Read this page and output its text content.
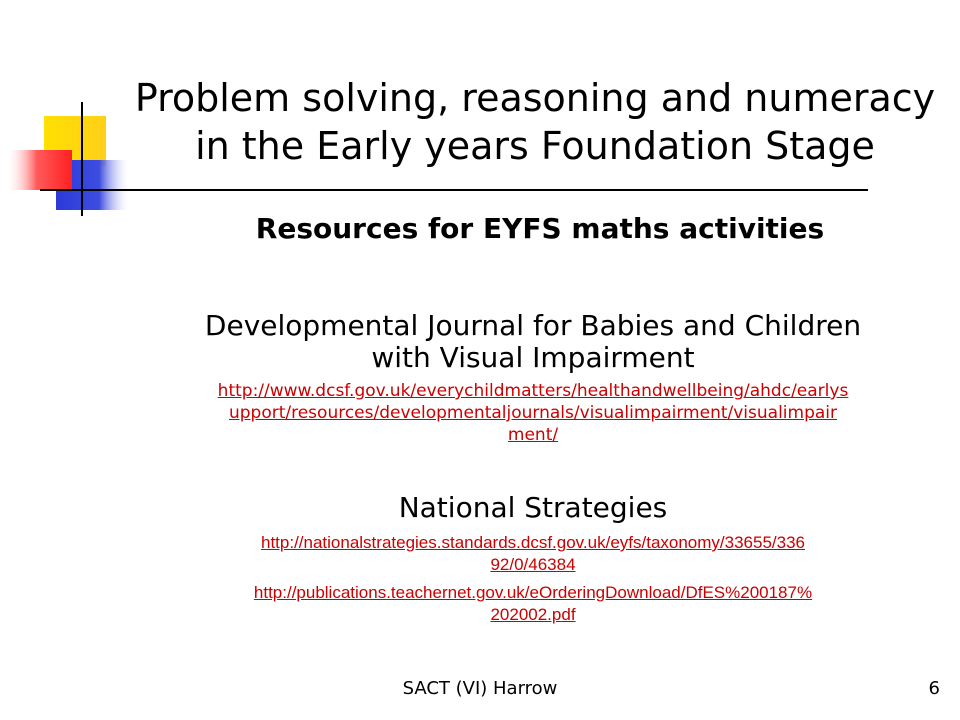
Problem solving, reasoning and numeracy
in the Early years Foundation Stage
Resources for EYFS maths activities

Developmental Journal for Babies and Children
with Visual Impairment

http://www.dcsf.gov.uk/everychildmatters/healthandwellbeing/ahdc/earlys
upport/resources/developmentaljournals/visualimpairment/visualimpair
ment/

National Strategies

http://nationalstrategies.standards.dcsf.gov.uk/eyfs/taxonomy/33655/336
92/0/46384
http://publications.teachernet.gov.uk/eOrderingDownload/DfES%200187%
202002.pdf
SACT (VI) Harrow	6
